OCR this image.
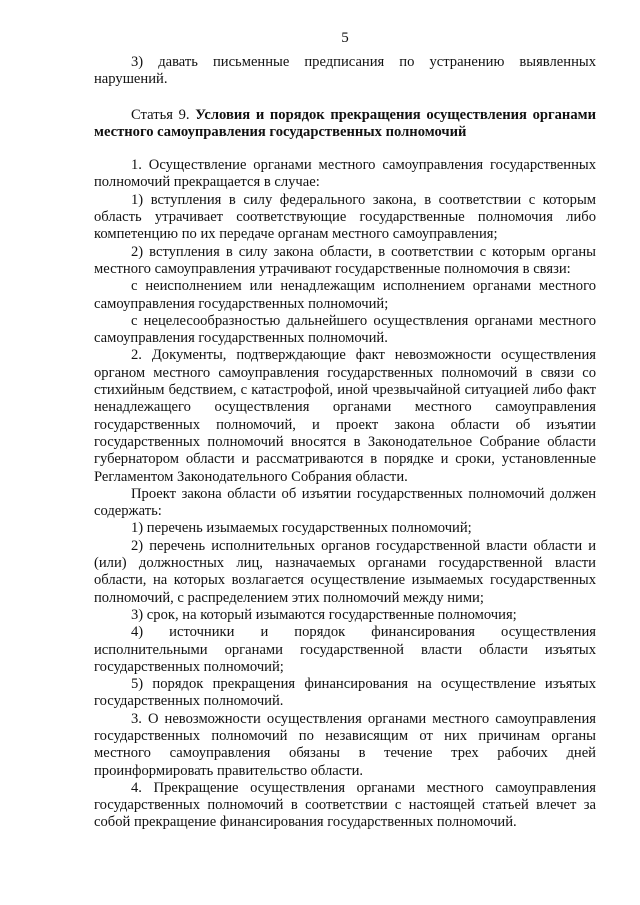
5

3) давать письменные предписания по устранению выявленных нарушений.

Статья 9. Условия и порядок прекращения осуществления органами местного самоуправления государственных полномочий

1. Осуществление органами местного самоуправления государственных полномочий прекращается в случае:

1) вступления в силу федерального закона, в соответствии с которым область утрачивает соответствующие государственные полномочия либо компетенцию по их передаче органам местного самоуправления;

2) вступления в силу закона области, в соответствии с которым органы местного самоуправления утрачивают государственные полномочия в связи:

с неисполнением или ненадлежащим исполнением органами местного самоуправления государственных полномочий;

с нецелесообразностью дальнейшего осуществления органами местного самоуправления государственных полномочий.

2. Документы, подтверждающие факт невозможности осуществления органом местного самоуправления государственных полномочий в связи со стихийным бедствием, с катастрофой, иной чрезвычайной ситуацией либо факт ненадлежащего осуществления органами местного самоуправления государственных полномочий, и проект закона области об изъятии государственных полномочий вносятся в Законодательное Собрание области губернатором области и рассматриваются в порядке и сроки, установленные Регламентом Законодательного Собрания области.

Проект закона области об изъятии государственных полномочий должен содержать:

1) перечень изымаемых государственных полномочий;

2) перечень исполнительных органов государственной власти области и (или) должностных лиц, назначаемых органами государственной власти области, на которых возлагается осуществление изымаемых государственных полномочий, с распределением этих полномочий между ними;

3) срок, на который изымаются государственные полномочия;

4) источники и порядок финансирования осуществления исполнительными органами государственной власти области изъятых государственных полномочий;

5) порядок прекращения финансирования на осуществление изъятых государственных полномочий.

3. О невозможности осуществления органами местного самоуправления государственных полномочий по независящим от них причинам органы местного самоуправления обязаны в течение трех рабочих дней проинформировать правительство области.

4. Прекращение осуществления органами местного самоуправления государственных полномочий в соответствии с настоящей статьей влечет за собой прекращение финансирования государственных полномочий.
